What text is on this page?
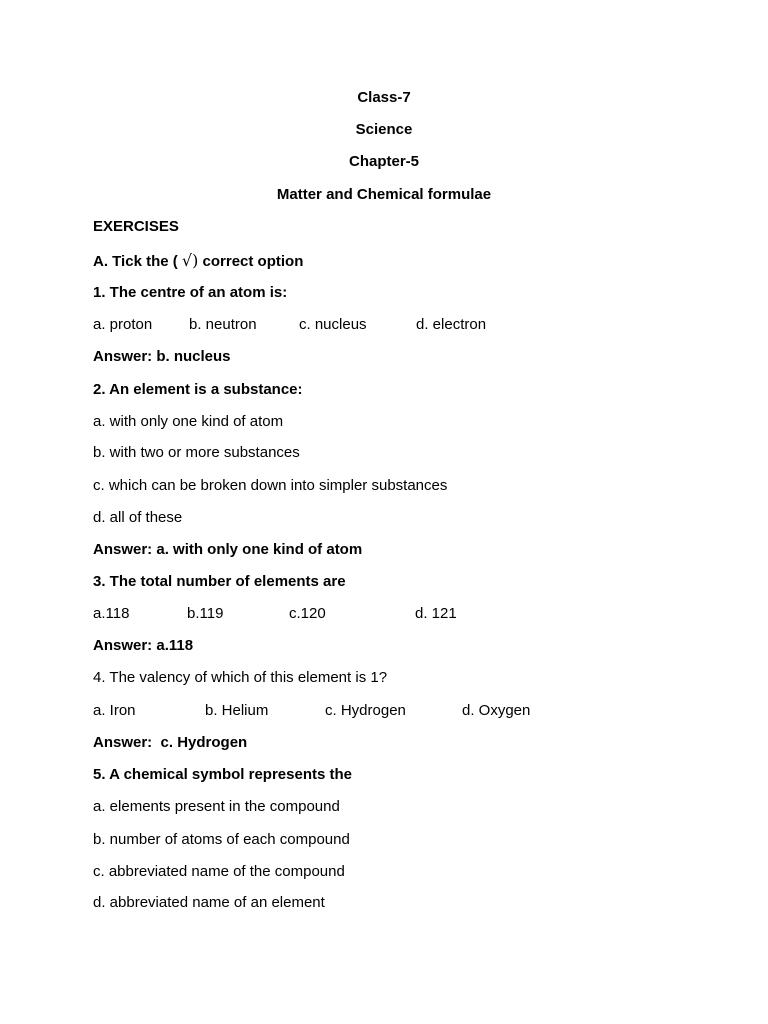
Class-7
Science
Chapter-5
Matter and Chemical formulae
EXERCISES
A. Tick the ( √) correct option
1. The centre of an atom is:
a. proton b. neutron	c. nucleus	d. electron
Answer: b. nucleus
2. An element is a substance:
a. with only one kind of atom
b. with two or more substances
c. which can be broken down into simpler substances
d. all of these
Answer: a. with only one kind of atom
3. The total number of elements are
a.118	b.119	c.120	d. 121
Answer: a.118
4. The valency of which of this element is 1?
a. Iron	b. Helium	c. Hydrogen	d. Oxygen
Answer:  c. Hydrogen
5. A chemical symbol represents the
a. elements present in the compound
b. number of atoms of each compound
c. abbreviated name of the compound
d. abbreviated name of an element
